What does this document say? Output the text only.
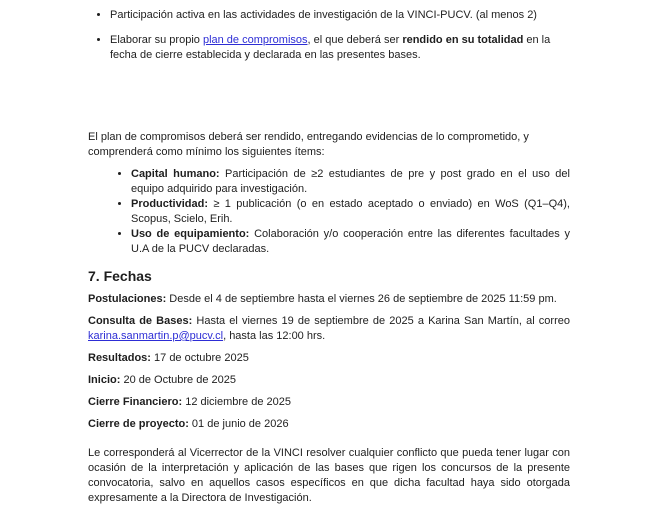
• Participación activa en las actividades de investigación de la VINCI-PUCV. (al menos 2)
• Elaborar su propio plan de compromisos, el que deberá ser rendido en su totalidad en la fecha de cierre establecida y declarada en las presentes bases.

El plan de compromisos deberá ser rendido, entregando evidencias de lo comprometido, y comprenderá como mínimo los siguientes ítems:

• Capital humano: Participación de ≥2 estudiantes de pre y post grado en el uso del equipo adquirido para investigación.
• Productividad: ≥ 1 publicación (o en estado aceptado o enviado) en WoS (Q1–Q4), Scopus, Scielo, Erih.
• Uso de equipamiento: Colaboración y/o cooperación entre las diferentes facultades y U.A de la PUCV declaradas.
7. Fechas

Postulaciones: Desde el 4 de septiembre hasta el viernes 26 de septiembre de 2025 11:59 pm.

Consulta de Bases: Hasta el viernes 19 de septiembre de 2025 a Karina San Martín, al correo karina.sanmartin.p@pucv.cl, hasta las 12:00 hrs.

Resultados: 17 de octubre 2025

Inicio: 20 de Octubre de 2025

Cierre Financiero: 12 diciembre de 2025

Cierre de proyecto: 01 de junio de 2026

Le corresponderá al Vicerrector de la VINCI resolver cualquier conflicto que pueda tener lugar con ocasión de la interpretación y aplicación de las bases que rigen los concursos de la presente convocatoria, salvo en aquellos casos específicos en que dicha facultad haya sido otorgada expresamente a la Directora de Investigación.
